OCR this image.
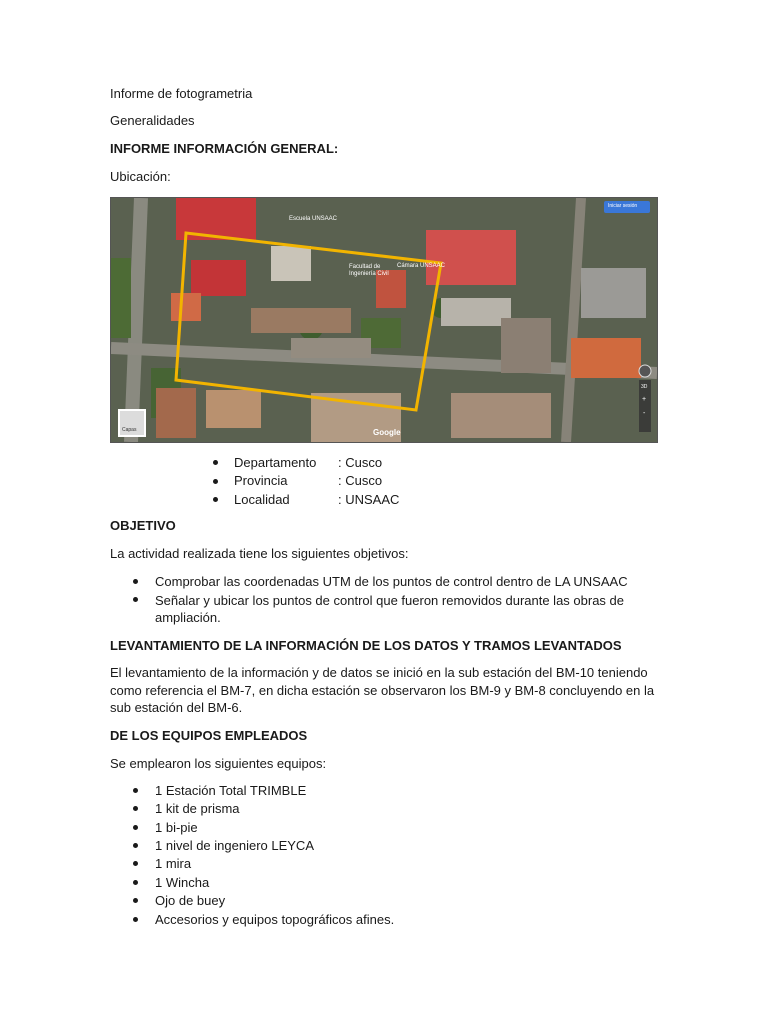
Informe de fotogrametria
Generalidades
INFORME INFORMACIÓN GENERAL:
Ubicación:
Escuela UNSAAC
Facultad de Ingeniería Civil
Cámara UNSAAC
Iniciar sesión
Google
Capas
3D
+
-
Departamento : Cusco
Provincia	: Cusco
Localidad	: UNSAAC
OBJETIVO
La actividad realizada tiene los siguientes objetivos:
Comprobar las coordenadas UTM de los puntos de control dentro de LA UNSAAC
Señalar y ubicar los puntos de control que fueron removidos durante las obras de
ampliación.
LEVANTAMIENTO DE LA INFORMACIÓN DE LOS DATOS Y TRAMOS LEVANTADOS
El levantamiento de la información y de datos se inició en la sub estación del BM-10 teniendo
como referencia el BM-7, en dicha estación se observaron los BM-9 y BM-8 concluyendo en la
sub estación del BM-6.
DE LOS EQUIPOS EMPLEADOS
Se emplearon los siguientes equipos:
1 Estación Total TRIMBLE
1 kit de prisma
1 bi-pie
1 nivel de ingeniero LEYCA
1 mira
1 Wincha
Ojo de buey
Accesorios y equipos topográficos afines.
